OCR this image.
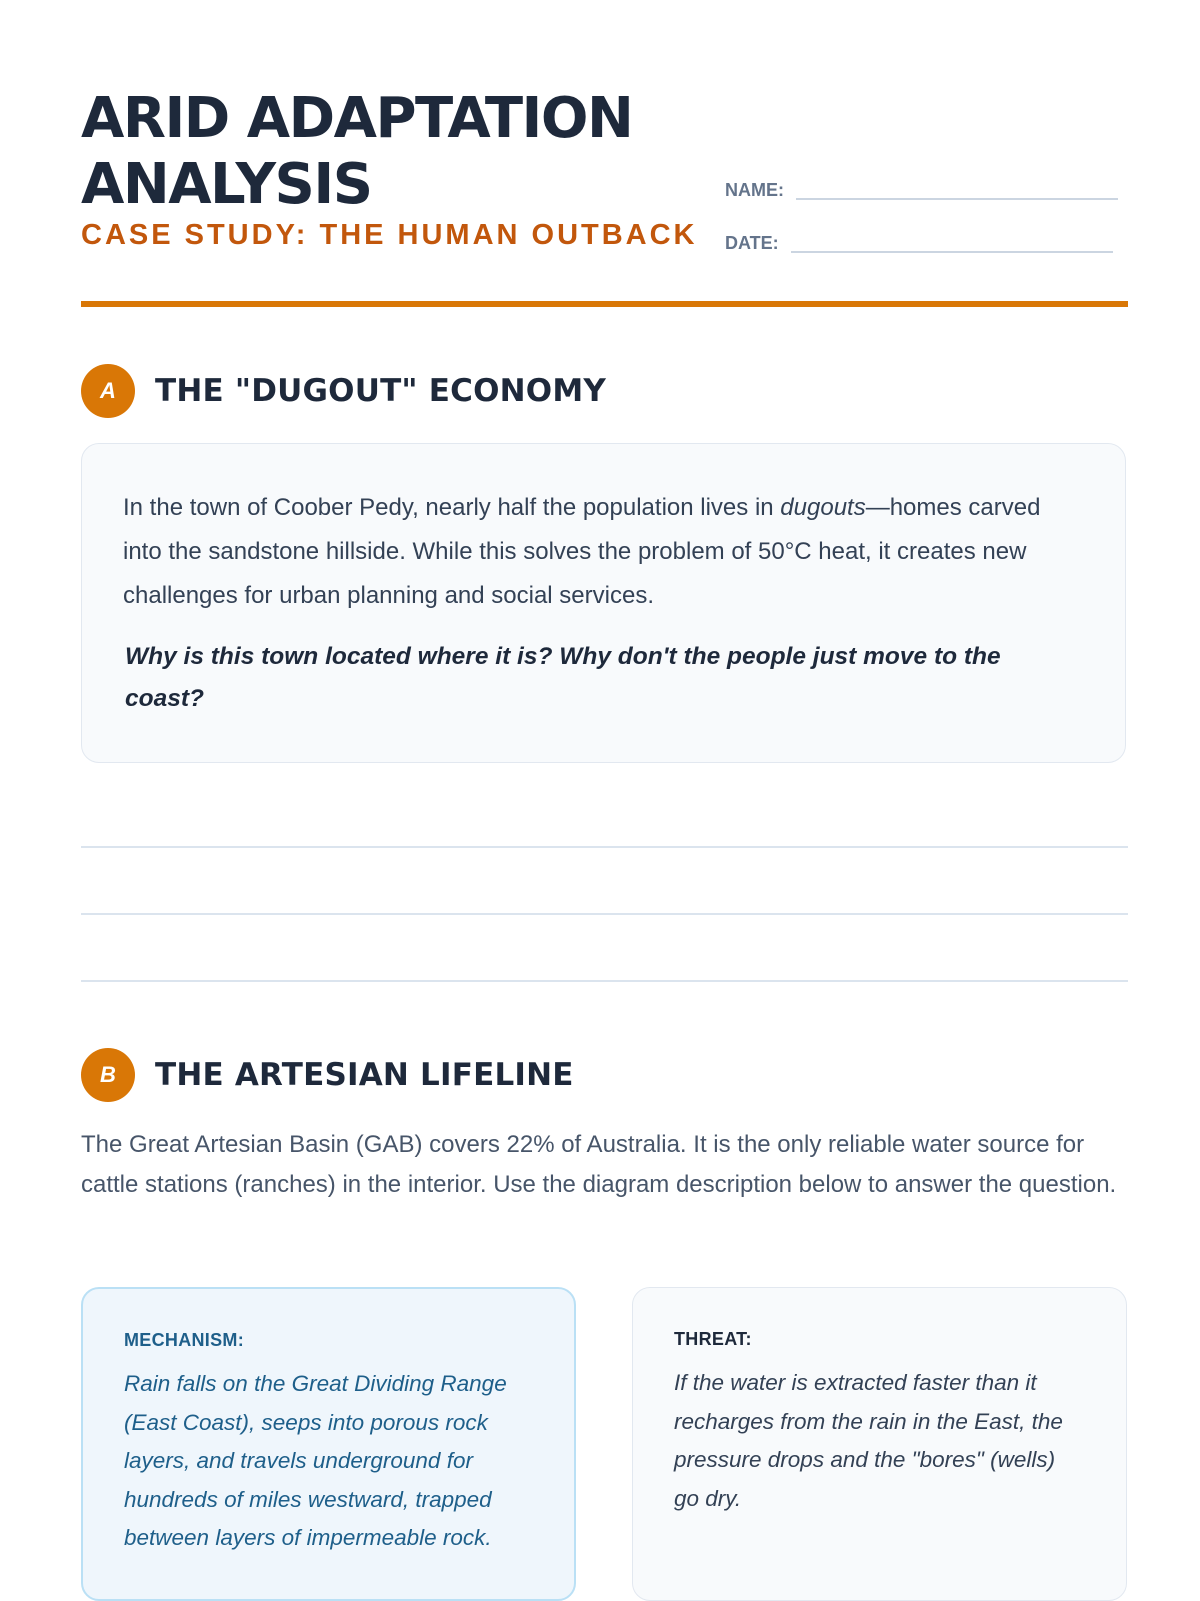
ARID ADAPTATION
ANALYSIS

CASE STUDY: THE HUMAN OUTBACK

NAME:
DATE:
A	THE "DUGOUT" ECONOMY

In the town of Coober Pedy, nearly half the population lives in dugouts—homes carved into the sandstone hillside. While this solves the problem of 50°C heat, it creates new challenges for urban planning and social services.

Why is this town located where it is? Why don't the people just move to the coast?

B	THE ARTESIAN LIFELINE

The Great Artesian Basin (GAB) covers 22% of Australia. It is the only reliable water source for cattle stations (ranches) in the interior. Use the diagram description below to answer the question.

MECHANISM:

Rain falls on the Great Dividing Range (East Coast), seeps into porous rock layers, and travels underground for hundreds of miles westward, trapped between layers of impermeable rock.

THREAT:

If the water is extracted faster than it recharges from the rain in the East, the pressure drops and the "bores" (wells) go dry.
